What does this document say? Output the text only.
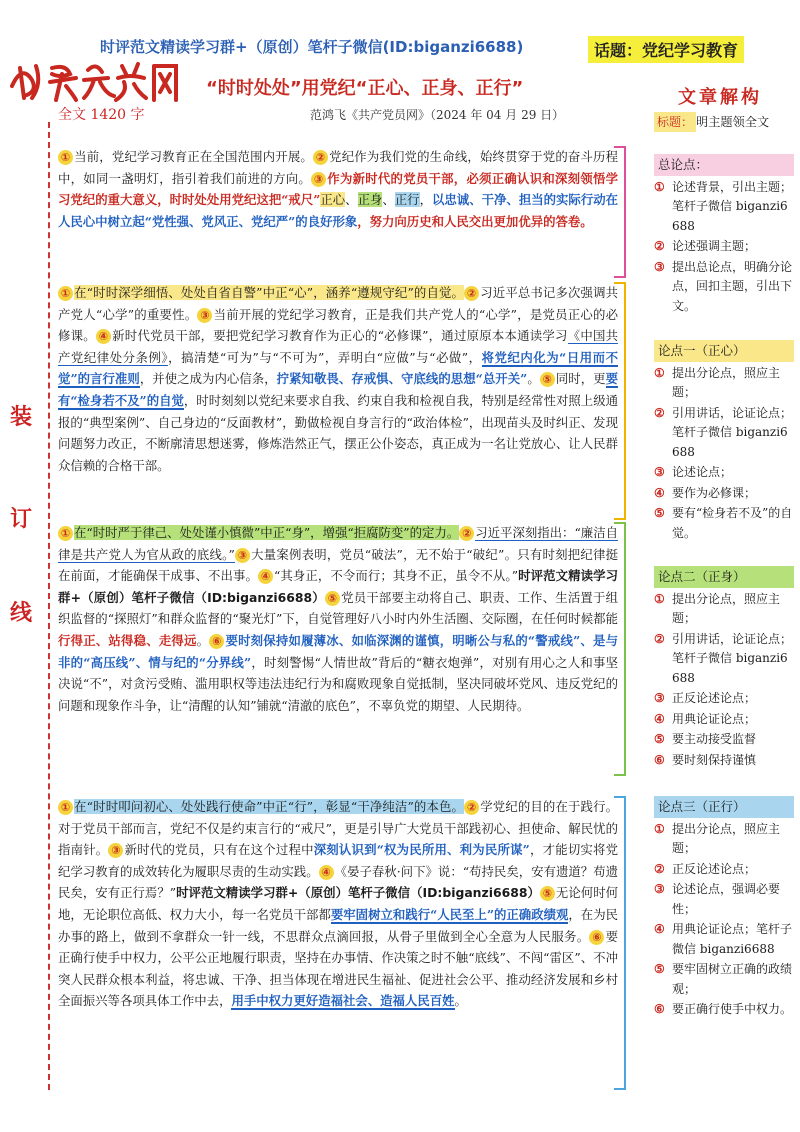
时评范文精读学习群+（原创）笔杆子微信(ID:biganzi6688)	话题：党纪学习教育
“时时处处”用党纪“正心、正身、正行”
全文 1420 字	范鸿飞《共产党员网》（2024 年 04 月 29 日）
装
订
线

① 当前，党纪学习教育正在全国范围内开展。 ② 党纪作为我们党的生命线，始终贯穿于党的奋斗历程中，如同一盏明灯，指引着我们前进的方向。 ③ 作为新时代的党员干部，必须正确认识和深刻领悟学习党纪的重大意义，时时处处用党纪这把“戒尺”正心、正身、正行，以忠诚、干净、担当的实际行动在人民心中树立起“党性强、党风正、党纪严”的良好形象，努力向历史和人民交出更加优异的答卷。

① 在“时时深学细悟、处处自省自警”中正“心”，涵养“遵规守纪”的自觉。 ② 习近平总书记多次强调共产党人“心学”的重要性。 ③ 当前开展的党纪学习教育，正是我们共产党人的“心学”，是党员正心的必修课。 ④ 新时代党员干部，要把党纪学习教育作为正心的“必修课”，通过原原本本通读学习《中国共产党纪律处分条例》，搞清楚“可为”与“不可为”，弄明白“应做”与“必做”，将党纪内化为“日用而不觉”的言行准则，并使之成为内心信条，拧紧知敬畏、存戒惧、守底线的思想“总开关”。 ⑤ 同时，更要有“检身若不及”的自觉，时时刻刻以党纪来要求自我、约束自我和检视自我，特别是经常性对照上级通报的“典型案例”、自己身边的“反面教材”，勤做检视自身言行的“政治体检”，出现苗头及时纠正、发现问题努力改正，不断廓清思想迷雾，修炼浩然正气，摆正公仆姿态，真正成为一名让党放心、让人民群众信赖的合格干部。

① 在“时时严于律己、处处谨小慎微”中正“身”，增强“拒腐防变”的定力。 ② 习近平深刻指出：“廉洁自律是共产党人为官从政的底线。” ③ 大量案例表明，党员“破法”，无不始于“破纪”。只有时刻把纪律挺在前面，才能确保干成事、不出事。 ④ “其身正，不令而行；其身不正，虽令不从。”时评范文精读学习群+（原创）笔杆子微信（ID:biganzi6688） ⑤ 党员干部要主动将自己、职责、工作、生活置于组织监督的“探照灯”和群众监督的“聚光灯”下，自觉管理好八小时内外生活圈、交际圈，在任何时候都能行得正、站得稳、走得远。 ⑥ 要时刻保持如履薄冰、如临深渊的谨慎，明晰公与私的“警戒线”、是与非的“高压线”、情与纪的“分界线”，时刻警惕“人情世故”背后的“糖衣炮弹”，对别有用心之人和事坚决说“不”，对贪污受贿、滥用职权等违法违纪行为和腐败现象自觉抵制，坚决同破坏党风、违反党纪的问题和现象作斗争，让“清醒的认知”铺就“清澈的底色”，不辜负党的期望、人民期待。

① 在“时时叩问初心、处处践行使命”中正“行”，彰显“干净纯洁”的本色。 ② 学党纪的目的在于践行。对于党员干部而言，党纪不仅是约束言行的“戒尺”，更是引导广大党员干部践初心、担使命、解民忧的指南针。 ③ 新时代的党员，只有在这个过程中深刻认识到“权为民所用、利为民所谋”，才能切实将党纪学习教育的成效转化为履职尽责的生动实践。 ④ 《晏子春秋·问下》说：“苟持民矣，安有遗道？苟遗民矣，安有正行焉？”时评范文精读学习群+（原创）笔杆子微信（ID:biganzi6688） ⑤ 无论何时何地，无论职位高低、权力大小，每一名党员干部都要牢固树立和践行“人民至上”的正确政绩观，在为民办事的路上，做到不拿群众一针一线，不思群众点滴回报，从骨子里做到全心全意为人民服务。 ⑥ 要正确行使手中权力，公平公正地履行职责，坚持在办事情、作决策之时不触“底线”、不闯“雷区”、不冲突人民群众根本利益，将忠诚、干净、担当体现在增进民生福祉、促进社会公平、推动经济发展和乡村全面振兴等各项具体工作中去，用手中权力更好造福社会、造福人民百姓。

文章解构
标题： 明主题领全文
总论点：
① 论述背景，引出主题；笔杆子微信 biganzi6688
② 论述强调主题；
③ 提出总论点，明确分论点，回扣主题，引出下文。
论点一（正心）
① 提出分论点，照应主题；
② 引用讲话，论证论点；笔杆子微信 biganzi6688
③ 论述论点；
④ 要作为必修课；
⑤ 要有“检身若不及”的自觉。
论点二（正身）
① 提出分论点，照应主题；
② 引用讲话，论证论点；笔杆子微信 biganzi6688
③ 正反论述论点；
④ 用典论证论点；
⑤ 要主动接受监督
⑥ 要时刻保持谨慎
论点三（正行）
① 提出分论点，照应主题；
② 正反论述论点；
③ 论述论点，强调必要性；
④ 用典论证论点；笔杆子微信 biganzi6688
⑤ 要牢固树立正确的政绩观；
⑥ 要正确行使手中权力。
